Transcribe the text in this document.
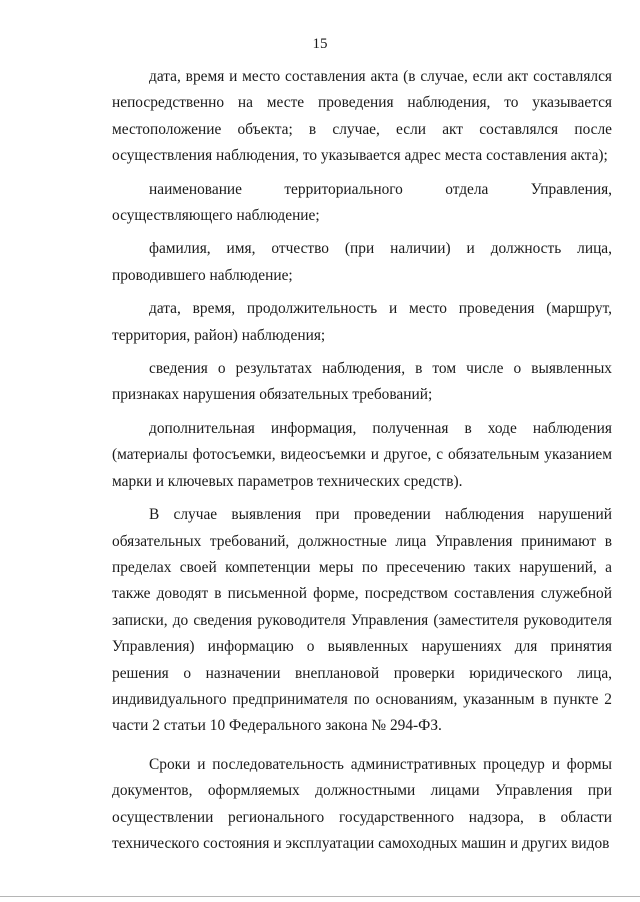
15

дата, время и место составления акта (в случае, если акт составлялся непосредственно на месте проведения наблюдения, то указывается местоположение объекта; в случае, если акт составлялся после осуществления наблюдения, то указывается адрес места составления акта);

наименование территориального отдела Управления, осуществляющего наблюдение;

фамилия, имя, отчество (при наличии) и должность лица, проводившего наблюдение;

дата, время, продолжительность и место проведения (маршрут, территория, район) наблюдения;

сведения о результатах наблюдения, в том числе о выявленных признаках нарушения обязательных требований;

дополнительная информация, полученная в ходе наблюдения (материалы фотосъемки, видеосъемки и другое, с обязательным указанием марки и ключевых параметров технических средств).

В случае выявления при проведении наблюдения нарушений обязательных требований, должностные лица Управления принимают в пределах своей компетенции меры по пресечению таких нарушений, а также доводят в письменной форме, посредством составления служебной записки, до сведения руководителя Управления (заместителя руководителя Управления) информацию о выявленных нарушениях для принятия решения о назначении внеплановой проверки юридического лица, индивидуального предпринимателя по основаниям, указанным в пункте 2 части 2 статьи 10 Федерального закона № 294-ФЗ.

Сроки и последовательность административных процедур и формы документов, оформляемых должностными лицами Управления при осуществлении регионального государственного надзора, в области технического состояния и эксплуатации самоходных машин и других видов
